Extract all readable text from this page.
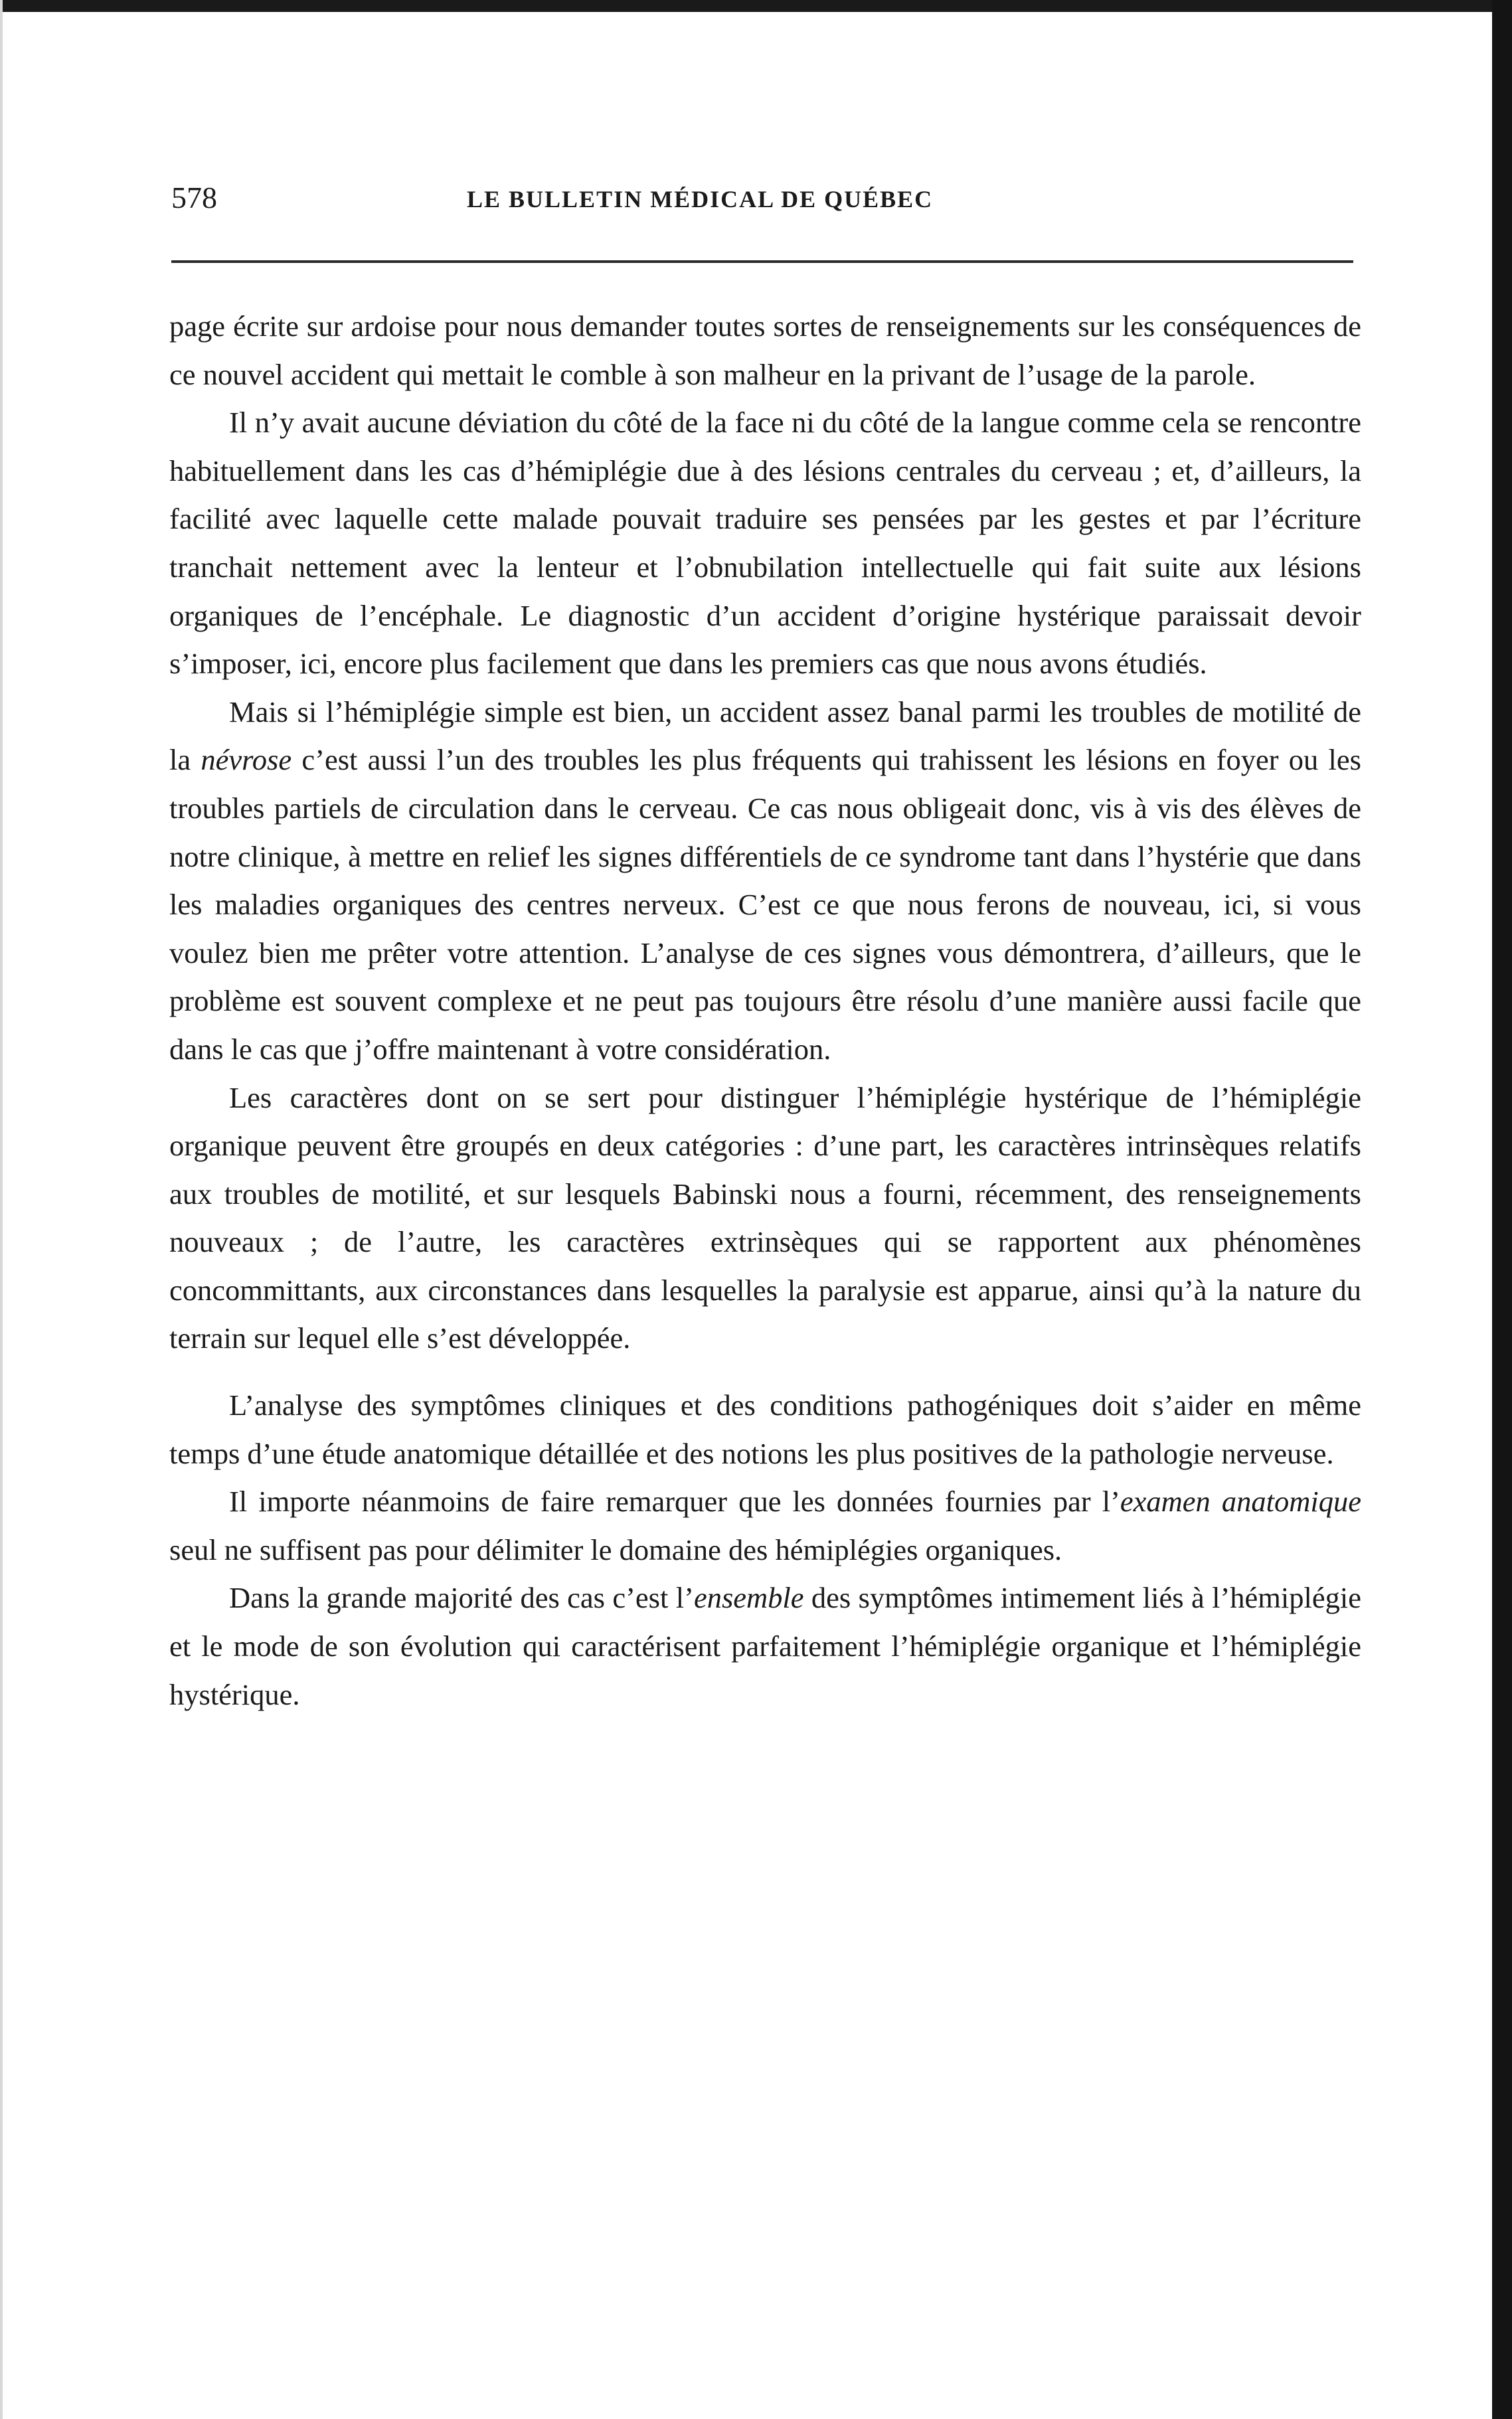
578	LE BULLETIN MÉDICAL DE QUÉBEC

page écrite sur ardoise pour nous demander toutes sortes de renseignements sur les conséquences de ce nouvel accident qui mettait le comble à son malheur en la privant de l’usage de la parole.

Il n’y avait aucune déviation du côté de la face ni du côté de la langue comme cela se rencontre habituellement dans les cas d’hémiplégie due à des lésions centrales du cerveau ; et, d’ailleurs, la facilité avec laquelle cette malade pouvait traduire ses pensées par les gestes et par l’écriture tranchait nettement avec la lenteur et l’obnubilation intellectuelle qui fait suite aux lésions organiques de l’encéphale. Le diagnostic d’un accident d’origine hystérique paraissait devoir s’imposer, ici, encore plus facilement que dans les premiers cas que nous avons étudiés.

Mais si l’hémiplégie simple est bien, un accident assez banal parmi les troubles de motilité de la névrose c’est aussi l’un des troubles les plus fréquents qui trahissent les lésions en foyer ou les troubles partiels de circulation dans le cerveau. Ce cas nous obligeait donc, vis à vis des élèves de notre clinique, à mettre en relief les signes différentiels de ce syndrome tant dans l’hystérie que dans les maladies organiques des centres nerveux. C’est ce que nous ferons de nouveau, ici, si vous voulez bien me prêter votre attention. L’analyse de ces signes vous démontrera, d’ailleurs, que le problème est souvent complexe et ne peut pas toujours être résolu d’une manière aussi facile que dans le cas que j’offre maintenant à votre considération.

Les caractères dont on se sert pour distinguer l’hémiplégie hystérique de l’hémiplégie organique peuvent être groupés en deux catégories : d’une part, les caractères intrinsèques relatifs aux troubles de motilité, et sur lesquels Babinski nous a fourni, récemment, des renseignements nouveaux ; de l’autre, les caractères extrinsèques qui se rapportent aux phénomènes concommittants, aux circonstances dans lesquelles la paralysie est apparue, ainsi qu’à la nature du terrain sur lequel elle s’est développée.

L’analyse des symptômes cliniques et des conditions pathogéniques doit s’aider en même temps d’une étude anatomique détaillée et des notions les plus positives de la pathologie nerveuse.

Il importe néanmoins de faire remarquer que les données fournies par l’examen anatomique seul ne suffisent pas pour délimiter le domaine des hémiplégies organiques.

Dans la grande majorité des cas c’est l’ensemble des symptômes intimement liés à l’hémiplégie et le mode de son évolution qui caractérisent parfaitement l’hémiplégie organique et l’hémiplégie hystérique.
